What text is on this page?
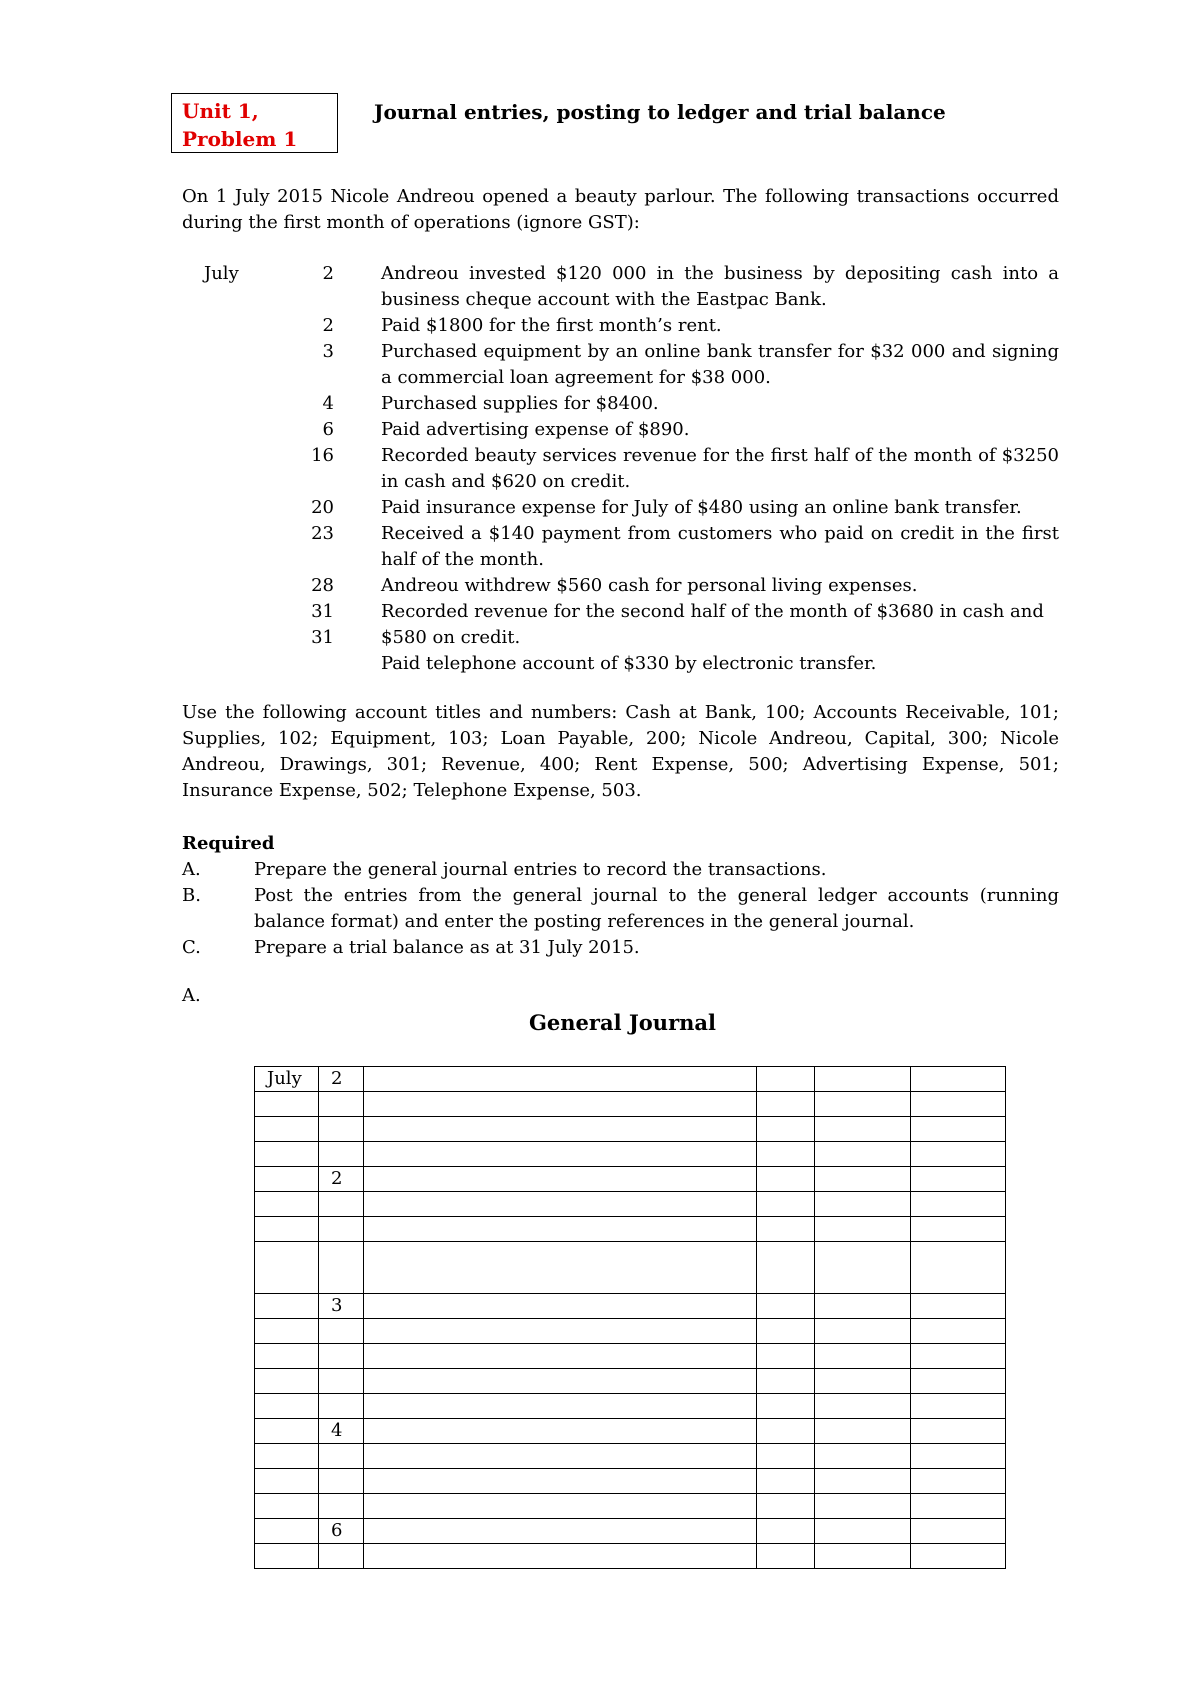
Unit 1,
Problem 1
Journal entries, posting to ledger and trial balance
On 1 July 2015 Nicole Andreou opened a beauty parlour. The following transactions occurred during the first month of operations (ignore GST):
July	2	Andreou invested $120 000 in the business by depositing cash into a business cheque account with the Eastpac Bank.
2	Paid $1800 for the first month’s rent.
3	Purchased equipment by an online bank transfer for $32 000 and signing a commercial loan agreement for $38 000.
4	Purchased supplies for $8400.
6	Paid advertising expense of $890.
16	Recorded beauty services revenue for the first half of the month of $3250 in cash and $620 on credit.
20	Paid insurance expense for July of $480 using an online bank transfer.
23	Received a $140 payment from customers who paid on credit in the first half of the month.
28	Andreou withdrew $560 cash for personal living expenses.
31	Recorded revenue for the second half of the month of $3680 in cash and
31	$580 on credit.
Paid telephone account of $330 by electronic transfer.
Use the following account titles and numbers: Cash at Bank, 100; Accounts Receivable, 101; Supplies, 102; Equipment, 103; Loan Payable, 200; Nicole Andreou, Capital, 300; Nicole Andreou, Drawings, 301; Revenue, 400; Rent Expense, 500; Advertising Expense, 501; Insurance Expense, 502; Telephone Expense, 503.
Required
A.	Prepare the general journal entries to record the transactions.
B.	Post the entries from the general journal to the general ledger accounts (running balance format) and enter the posting references in the general journal.
C.	Prepare a trial balance as at 31 July 2015.
A.
General Journal
July	2				

	2				

	3				

	4				

	6				
